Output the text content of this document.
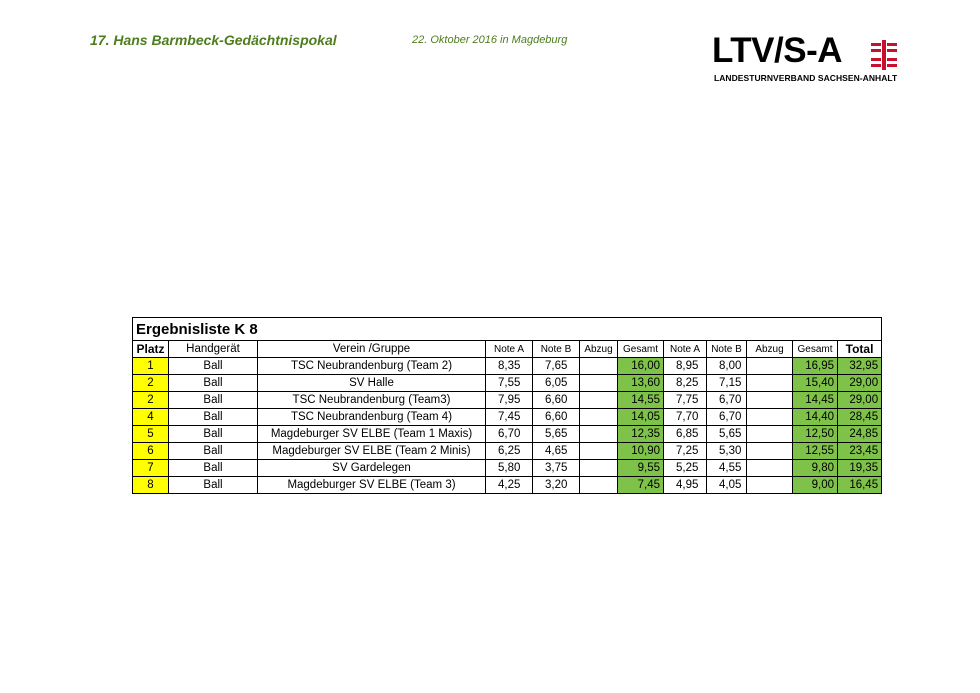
17. Hans Barmbeck-Gedächtnispokal	22. Oktober 2016 in Magdeburg	LTV/S-A
LANDESTURNVERBAND SACHSEN-ANHALT
Ergebnisliste K 8											
Platz	Handgerät	Verein /Gruppe	Note A	Note B	Abzug	Gesamt	Note A	Note B	Abzug	Gesamt	Total
1	Ball	TSC Neubrandenburg (Team 2)	8,35	7,65		16,00	8,95	8,00		16,95	32,95
2	Ball	SV Halle	7,55	6,05		13,60	8,25	7,15		15,40	29,00
2	Ball	TSC Neubrandenburg (Team3)	7,95	6,60		14,55	7,75	6,70		14,45	29,00
4	Ball	TSC Neubrandenburg (Team 4)	7,45	6,60		14,05	7,70	6,70		14,40	28,45
5	Ball	Magdeburger SV ELBE (Team 1 Maxis)	6,70	5,65		12,35	6,85	5,65		12,50	24,85
6	Ball	Magdeburger SV ELBE (Team 2 Minis)	6,25	4,65		10,90	7,25	5,30		12,55	23,45
7	Ball	SV Gardelegen	5,80	3,75		9,55	5,25	4,55		9,80	19,35
8	Ball	Magdeburger SV ELBE (Team 3)	4,25	3,20		7,45	4,95	4,05		9,00	16,45
